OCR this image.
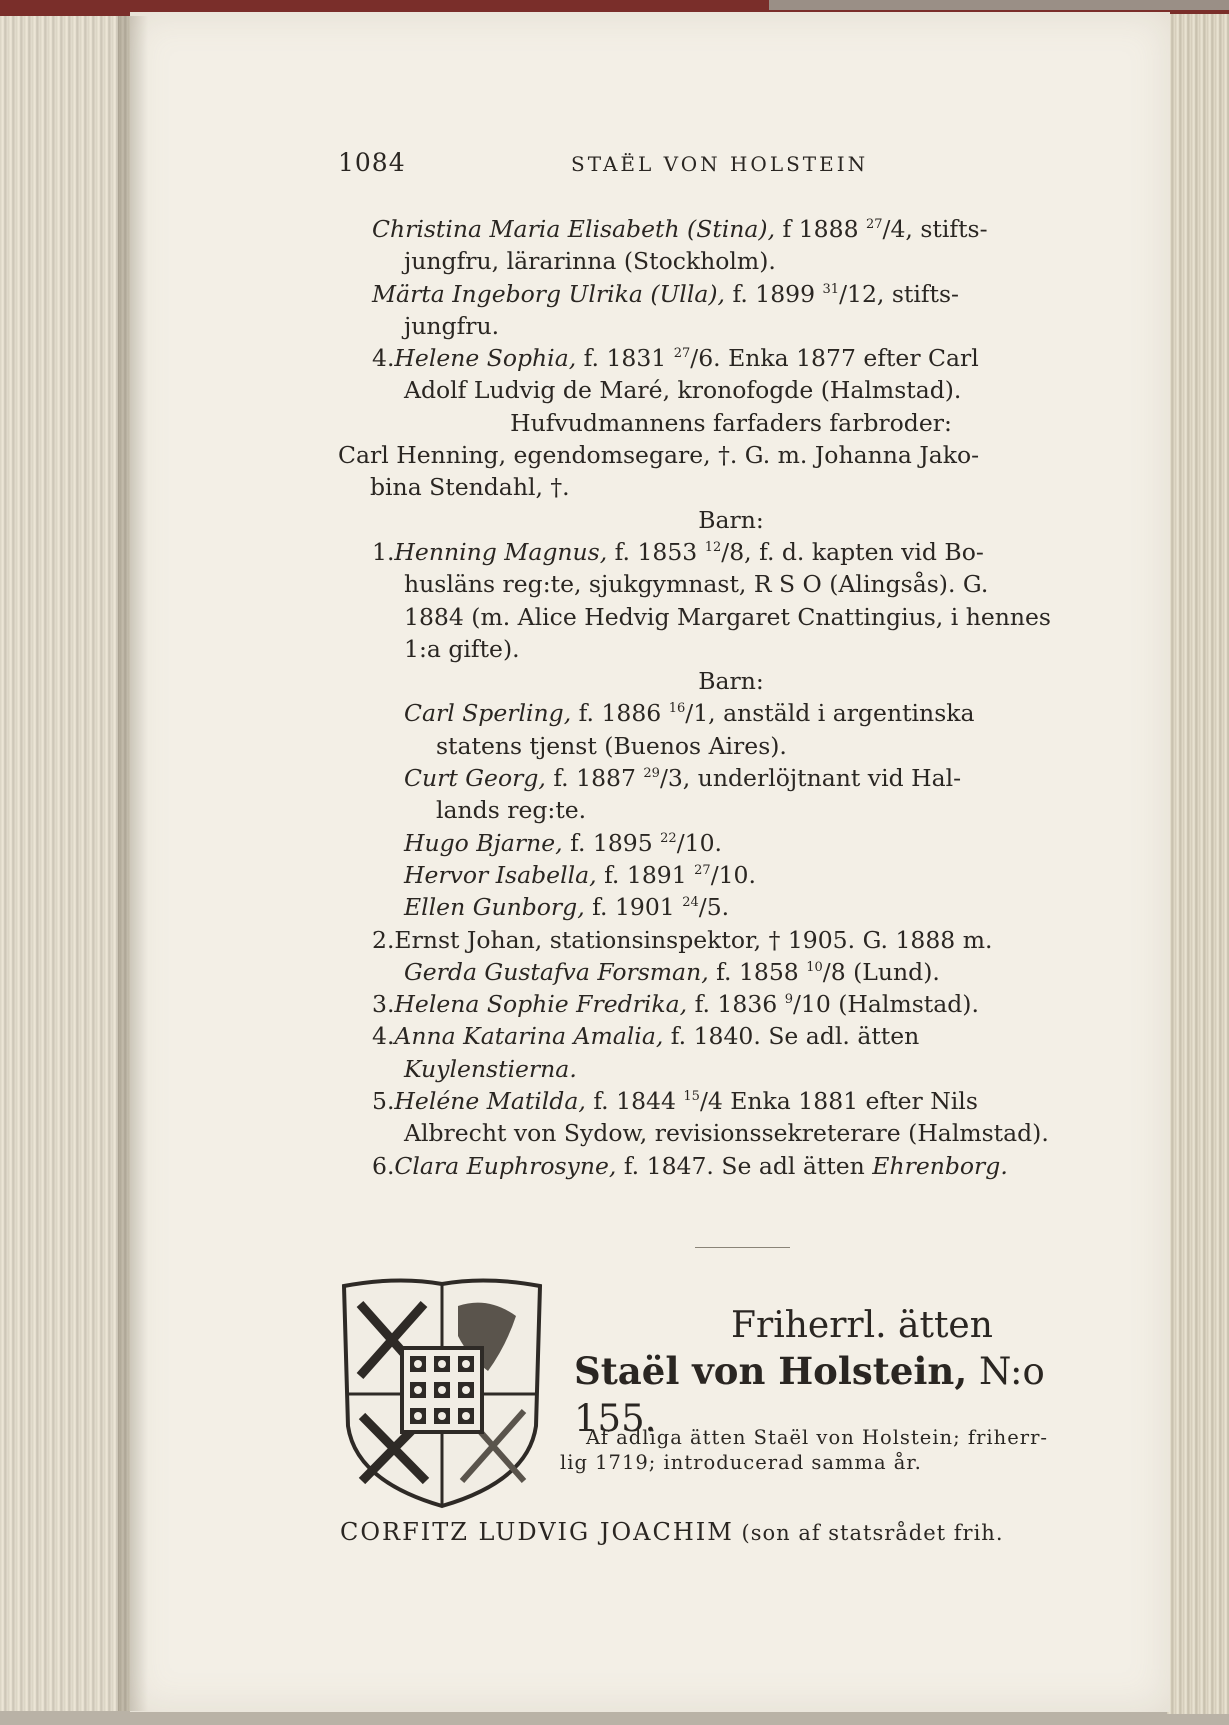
1084	STAËL VON HOLSTEIN

Christina Maria Elisabeth (Stina), f 1888 $^{27}$/4, stifts-

jungfru, lärarinna (Stockholm).

Märta Ingeborg Ulrika (Ulla), f. 1899 $^{31}$/12, stifts-

jungfru.

4.Helene Sophia, f. 1831 $^{27}$/6. Enka 1877 efter Carl

Adolf Ludvig de Maré, kronofogde (Halmstad).

Hufvudmannens farfaders farbroder:

Carl Henning, egendomsegare, †. G. m. Johanna Jako-

bina Stendahl, †.

Barn:

1.Henning Magnus, f. 1853 $^{12}$/8, f. d. kapten vid Bo-

husläns reg:te, sjukgymnast, R S O (Alingsås). G.

1884 (m. Alice Hedvig Margaret Cnattingius, i hennes

1:a gifte).

Barn:

Carl Sperling, f. 1886 $^{16}$/1, anstäld i argentinska

statens tjenst (Buenos Aires).

Curt Georg, f. 1887 $^{29}$/3, underlöjtnant vid Hal-

lands reg:te.

Hugo Bjarne, f. 1895 $^{22}$/10.

Hervor Isabella, f. 1891 $^{27}$/10.

Ellen Gunborg, f. 1901 $^{24}$/5.

2.Ernst Johan, stationsinspektor, † 1905. G. 1888 m.

Gerda Gustafva Forsman, f. 1858 $^{10}$/8 (Lund).

3.Helena Sophie Fredrika, f. 1836 $^9$/10 (Halmstad).

4.Anna Katarina Amalia, f. 1840. Se adl. ätten

Kuylenstierna.

5.Heléne Matilda, f. 1844 $^{15}$/4 Enka 1881 efter Nils

Albrecht von Sydow, revisionssekreterare (Halmstad).

6.Clara Euphrosyne, f. 1847. Se adl ätten Ehrenborg.

Friherrl. ätten
Staël von Holstein, N:o 155.
Af adliga ätten Staël von Holstein; friherr-
lig 1719; introducerad samma år.
CORFITZ LUDVIG JOACHIM (son af statsrådet frih.
